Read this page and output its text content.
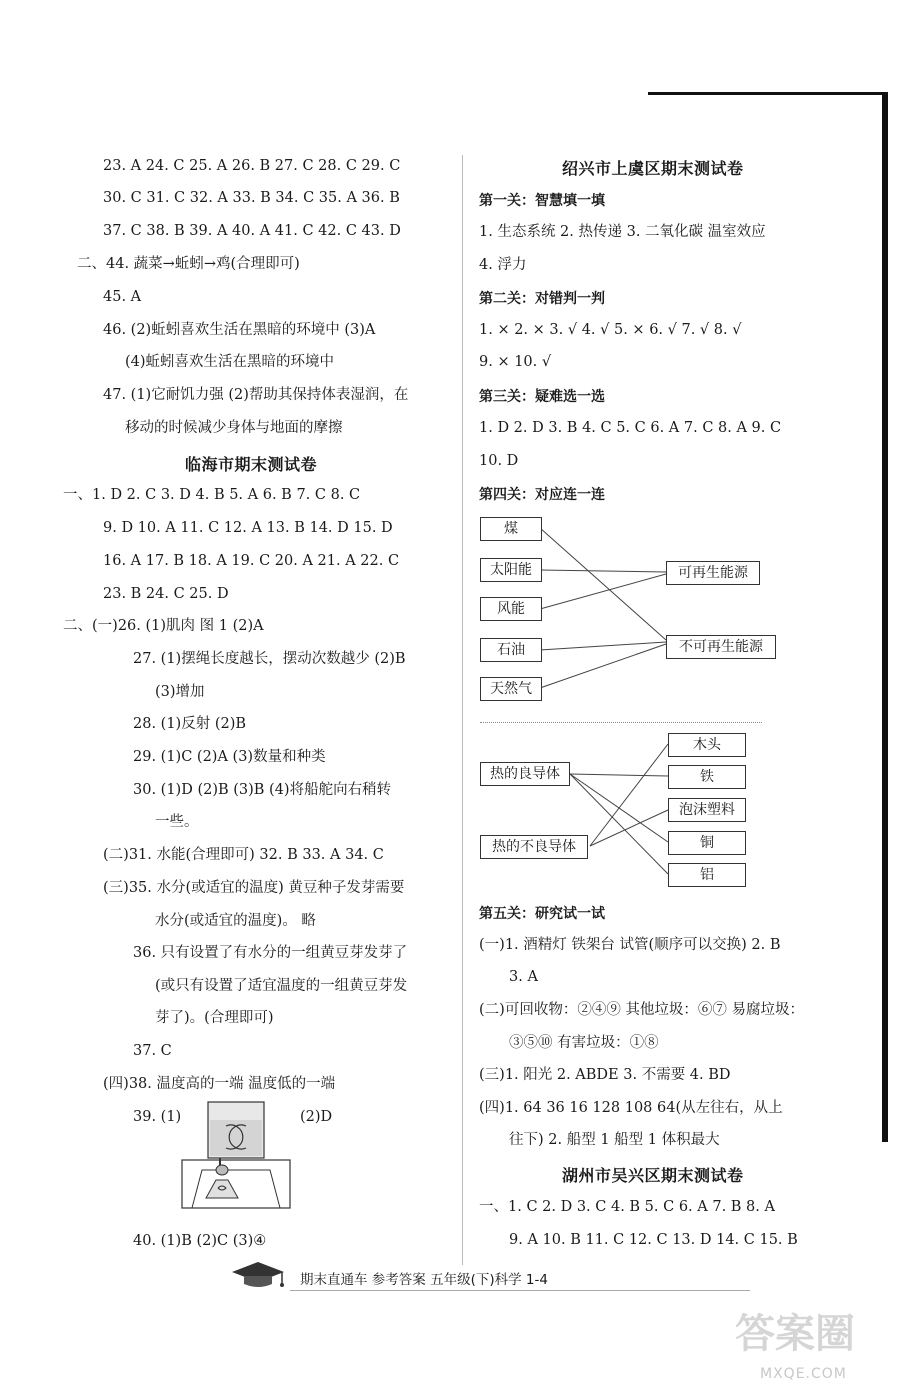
煤
太阳能
风能
石油
天然气
可再生能源
不可再生能源
热的良导体
热的不良导体
木头
铁
泡沫塑料
铜
铝
期末直通车 参考答案 五年级(下)科学 1-4
答案圈
MXQE.COM
23. A 24. C 25. A 26. B 27. C 28. C 29. C
30. C 31. C 32. A 33. B 34. C 35. A 36. B
37. C 38. B 39. A 40. A 41. C 42. C 43. D
二、44. 蔬菜→蚯蚓→鸡(合理即可)
45. A
46. (2)蚯蚓喜欢生活在黑暗的环境中 (3)A
(4)蚯蚓喜欢生活在黑暗的环境中
47. (1)它耐饥力强 (2)帮助其保持体表湿润，在
移动的时候减少身体与地面的摩擦
一、1. D 2. C 3. D 4. B 5. A 6. B 7. C 8. C
9. D 10. A 11. C 12. A 13. B 14. D 15. D
16. A 17. B 18. A 19. C 20. A 21. A 22. C
23. B 24. C 25. D
二、(一)26. (1)肌肉 图 1 (2)A
27. (1)摆绳长度越长，摆动次数越少 (2)B
(3)增加
28. (1)反射 (2)B
29. (1)C (2)A (3)数量和种类
30. (1)D (2)B (3)B (4)将船舵向右稍转
一些。
(二)31. 水能(合理即可) 32. B 33. A 34. C
(三)35. 水分(或适宜的温度) 黄豆种子发芽需要
水分(或适宜的温度)。 略
36. 只有设置了有水分的一组黄豆芽发芽了
(或只有设置了适宜温度的一组黄豆芽发
芽了)。(合理即可)
37. C
(四)38. 温度高的一端 温度低的一端
39. (1)	(2)D
40. (1)B (2)C (3)④
临海市期末测试卷
绍兴市上虞区期末测试卷
湖州市吴兴区期末测试卷
第一关：智慧填一填
第二关：对错判一判
第三关：疑难选一选
第四关：对应连一连
第五关：研究试一试
1. 生态系统 2. 热传递 3. 二氧化碳 温室效应
4. 浮力
1. × 2. × 3. √ 4. √ 5. × 6. √ 7. √ 8. √
9. × 10. √
1. D 2. D 3. B 4. C 5. C 6. A 7. C 8. A 9. C
10. D
(一)1. 酒精灯 铁架台 试管(顺序可以交换) 2. B
3. A
(二)可回收物：②④⑨ 其他垃圾：⑥⑦ 易腐垃圾：
③⑤⑩ 有害垃圾：①⑧
(三)1. 阳光 2. ABDE 3. 不需要 4. BD
(四)1. 64 36 16 128 108 64(从左往右，从上
往下) 2. 船型 1 船型 1 体积最大
一、1. C 2. D 3. C 4. B 5. C 6. A 7. B 8. A
9. A 10. B 11. C 12. C 13. D 14. C 15. B
